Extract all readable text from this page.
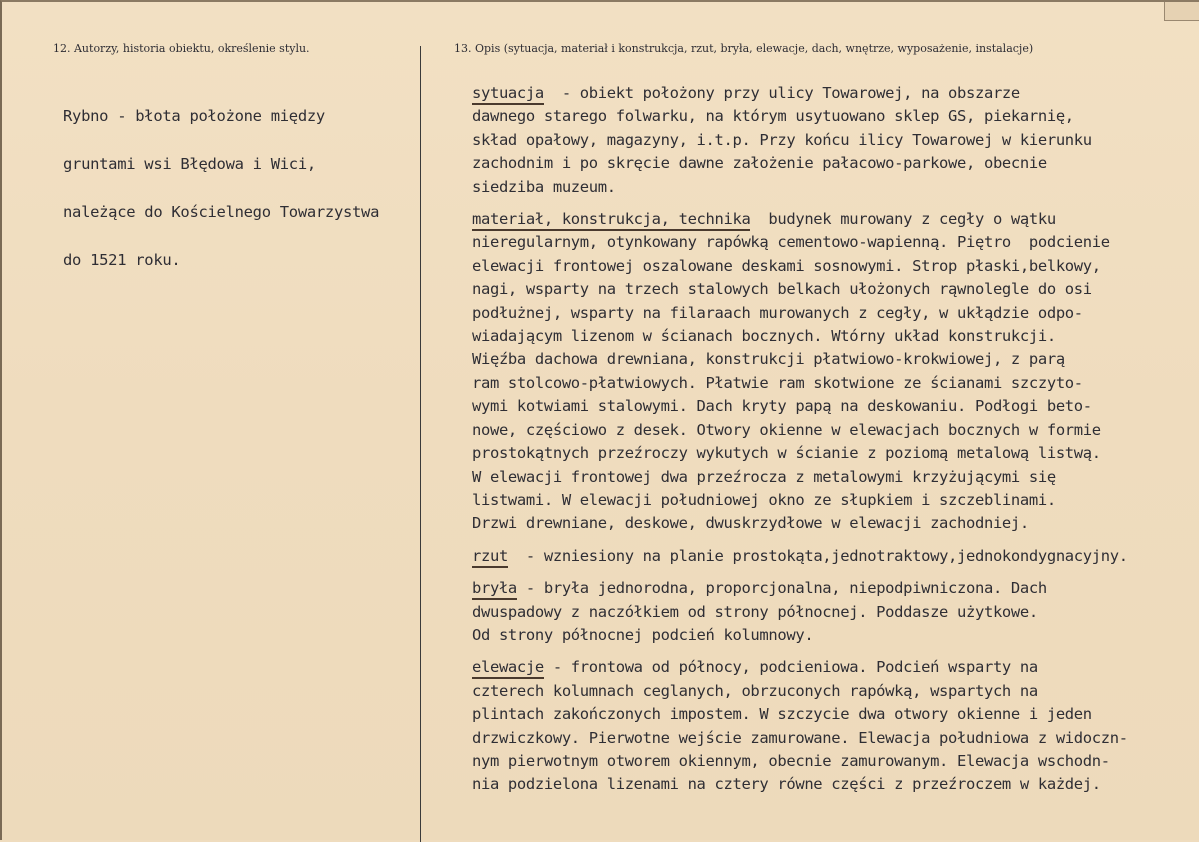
12. Autorzy, historia obiektu, określenie stylu.	13. Opis (sytuacja, materiał i konstrukcja, rzut, bryła, elewacje, dach, wnętrze, wyposażenie, instalacje)

Rybno - błota położone między

gruntami wsi Błędowa i Wici,

należące do Kościelnego Towarzystwa

do 1521 roku.

sytuacja  - obiekt położony przy ulicy Towarowej, na obszarze
dawnego starego folwarku, na którym usytuowano sklep GS, piekarnię,
skład opałowy, magazyny, i.t.p. Przy końcu ilicy Towarowej w kierunku
zachodnim i po skręcie dawne założenie pałacowo-parkowe, obecnie
siedziba muzeum.
materiał, konstrukcja, technika  budynek murowany z cegły o wątku
nieregularnym, otynkowany rapówką cementowo-wapienną. Piętro  podcienie
elewacji frontowej oszalowane deskami sosnowymi. Strop płaski,belkowy,
nagi, wsparty na trzech stalowych belkach ułożonych rąwnolegle do osi
podłużnej, wsparty na filaraach murowanych z cegły, w ukłądzie odpo-
wiadającym lizenom w ścianach bocznych. Wtórny układ konstrukcji.
Więźba dachowa drewniana, konstrukcji płatwiowo-krokwiowej, z parą
ram stolcowo-płatwiowych. Płatwie ram skotwione ze ścianami szczyto-
wymi kotwiami stalowymi. Dach kryty papą na deskowaniu. Podłogi beto-
nowe, częściowo z desek. Otwory okienne w elewacjach bocznych w formie
prostokątnych przeźroczy wykutych w ścianie z poziomą metalową listwą.
W elewacji frontowej dwa przeźrocza z metalowymi krzyżującymi się
listwami. W elewacji południowej okno ze słupkiem i szczeblinami.
Drzwi drewniane, deskowe, dwuskrzydłowe w elewacji zachodniej.
rzut  - wzniesiony na planie prostokąta,jednotraktowy,jednokondygnacyjny.
bryła - bryła jednorodna, proporcjonalna, niepodpiwniczona. Dach
dwuspadowy z naczółkiem od strony północnej. Poddasze użytkowe.
Od strony północnej podcień kolumnowy.
elewacje - frontowa od północy, podcieniowa. Podcień wsparty na
czterech kolumnach ceglanych, obrzuconych rapówką, wspartych na
plintach zakończonych impostem. W szczycie dwa otwory okienne i jeden
drzwiczkowy. Pierwotne wejście zamurowane. Elewacja południowa z widoczn-
nym pierwotnym otworem okiennym, obecnie zamurowanym. Elewacja wschodn-
nia podzielona lizenami na cztery równe części z przeźroczem w każdej.
